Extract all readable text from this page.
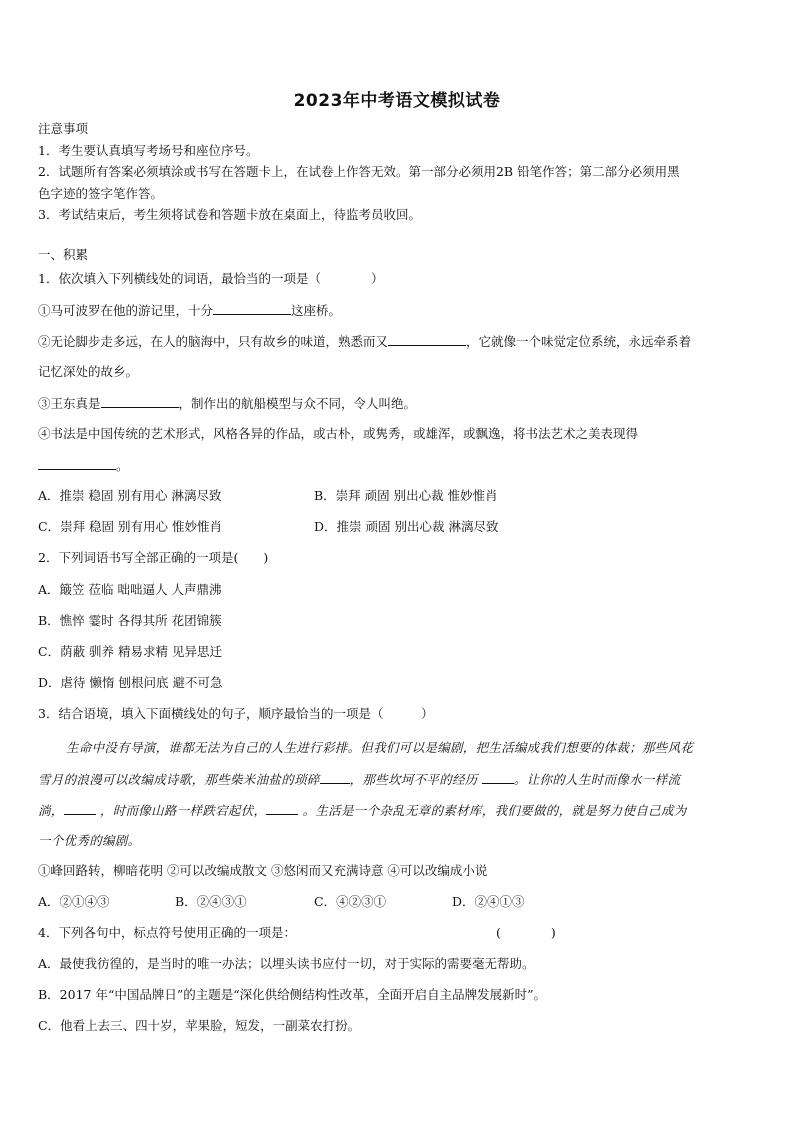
2023年中考语文模拟试卷
注意事项
1．考生要认真填写考场号和座位序号。
2．试题所有答案必须填涂或书写在答题卡上，在试卷上作答无效。第一部分必须用2B 铅笔作答；第二部分必须用黑
色字迹的签字笔作答。
3．考试结束后，考生须将试卷和答题卡放在桌面上，待监考员收回。
一、积累
1．依次填入下列横线处的词语，最恰当的一项是（　　　　）
①马可波罗在他的游记里，十分	这座桥。
②无论脚步走多远，在人的脑海中，只有故乡的味道，熟悉而又	，它就像一个味觉定位系统，永远牵系着
记忆深处的故乡。
③王东真是	，制作出的航船模型与众不同，令人叫绝。
④书法是中国传统的艺术形式，风格各异的作品，或古朴，或隽秀，或雄浑，或飘逸，将书法艺术之美表现得
。
A．推崇 稳固 别有用心 淋漓尽致	B．崇拜 顽固 别出心裁 惟妙惟肖
C．崇拜 稳固 别有用心 惟妙惟肖	D．推崇 顽固 别出心裁 淋漓尽致
2．下列词语书写全部正确的一项是(　　)
A．簸笠 莅临 咄咄逼人 人声鼎沸
B．憔悴 霎时 各得其所 花团锦簇
C．荫蔽 驯养 精易求精 见异思迁
D．虐待 懒惰 刨根问底 避不可急
3．结合语境，填入下面横线处的句子，顺序最恰当的一项是（　　　）
生命中没有导演，谁都无法为自己的人生进行彩排。但我们可以是编剧，把生活编成我们想要的体裁；那些风花
雪月的浪漫可以改编成诗歌，那些柴米油盐的琐碎 ，那些坎坷不平的经历	。让你的人生时而像水一样流
淌，	，时而像山路一样跌宕起伏，	。生活是一个杂乱无章的素材库，我们要做的，就是努力使自己成为
一个优秀的编剧。
①峰回路转，柳暗花明 ②可以改编成散文 ③悠闲而又充满诗意 ④可以改编成小说
A．②①④③	B．②④③①	C．④②③①	D．②④①③
4．下列各句中，标点符号使用正确的一项是：	(　　　　)
A．最使我彷徨的，是当时的唯一办法；以埋头读书应付一切，对于实际的需要毫无帮助。
B．2017 年“中国品牌日”的主题是“深化供给侧结构性改革，全面开启自主品牌发展新时”。
C．他看上去三、四十岁，苹果脸，短发，一副菜农打扮。
